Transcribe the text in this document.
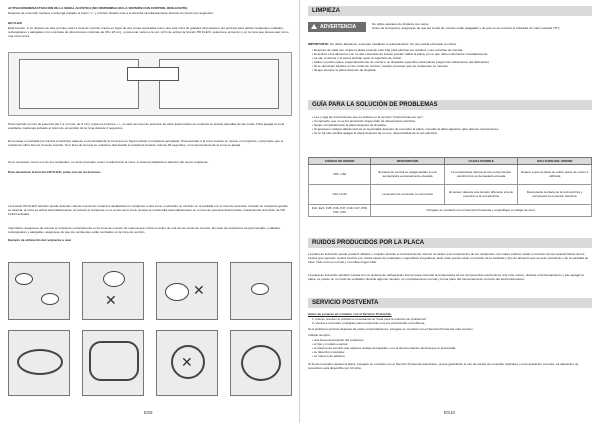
ACTIVACIÓN/DESACTIVACIÓN DE LA SEÑAL ACÚSTICA (NO DISPONIBLE EN LA VERSIÓN CON CONTROL DESLIZANTE)
Después de encender la placa, mantenga pulsado el botón "+" y el botón situado más a la derecha simultáneamente durante al menos tres segundos.
HD FLEXI
Esta función, si se dispone de ella, permite usar la zona de cocción entera en lugar de dos zonas separadas como una sola zona de grandes dimensiones. Es perfecta para utilizar recipientes ovalados, rectangulares y alargados (con una base de dimensiones máximas de 38 x 23 cm), o para usar varios a la vez. Al fin de activar la función HD FLEXI, seleccione al tiempo y en la zona que desea usar como una zona única.
Para cambiar el nivel de potencia (de 1 a un máx. de 9 o P), pulse los botones + / - el valor del nivel de potencia. El valor determinado se mostrará en ambas pantallas de las zonas. Para apagar la zona ampliada, mantenga pulsado el botón de encendido de la zona durante 3 segundos.
El mensaje en pantalla (se ilumina el símbolo) aparece en la pantalla de la zona que no haya recibido el recipiente apropiado. Para acceder a la zona cuando se mueve un recipiente, compruebe que el recipiente cubra bien la zona de cocción. Si el área de la zona se mantiene detectando el recipiente durante más de 30 segundos, el reconocimiento de la zona se apaga.
Si es necesario mover uno de los recipientes, no será necesario volver a seleccionar la zona: el sistema adaptará el detector del nuevo recipiente.
Para desactivar la función HD FLEXI, pulse uno de los botones.
La función HD FLEXI también puede detectar cuando una de las zonas ha desplazado un recipiente a otra zona, mostrando un símbolo en la pantalla con el nivel de potencia. Cuando un recipiente grande se detecta, la zona se activa automáticamente. Al colocar el recipiente en el centro de la zona, la tapa se mantendrá automáticamente en el nivel de potencia determinado, manteniendo la función de HD FLEXI activada.
Importante: asegúrese de colocar el recipiente correctamente en la zona de cocción de manera que cubra el centro de una de las zonas de cocción. En caso de recipientes de gran tamaño, ovalados, rectangulares y alargados, asegúrese de que los recipientes están centrados en la zona de cocción.
Ejemplo de utilización del recipiente a usar
✕
✕
✕
ES9
LIMPIEZA
ADVERTENCIA	No utilice aparatos de limpieza con vapor.
Antes de la limpieza, asegúrese de que las zonas de cocción están apagadas y de que no se muestra el indicador de calor residual ("H").
IMPORTANTE: No utilice abrasivos, esponjas metálicas ni quitamanchas. Su uso podría estropear el cristal.
• Después de cada uso, limpie la placa (cuando esté fría) para eliminar los residuos y las manchas de comida.
• El azúcar o los alimentos con un alto contenido de azúcar pueden dañar la placa, por lo que deben eliminarse inmediatamente.
• La sal, el azúcar y la arena podrían rayar la superficie de cristal.
• Utilice un paño suave, papel absorbente de cocina o un limpiador específico para placas (según las indicaciones del fabricante).
• Si se derraman líquidos en las zonas de cocción, pueden provocar que los recipientes se muevan.
• Seque siempre la placa después de limpiarla.
GUÍA PARA LA SOLUCIÓN DE PROBLEMAS
• Lea y siga las instrucciones que se indican en la sección "Instrucciones de uso".
• Compruebe que no se ha producido ningún fallo de alimentación eléctrica.
• Seque completamente la placa después de limpiarla.
• Si aparecen códigos alfanuméricos en la pantalla después de encender la placa, consulte la tabla siguiente para obtener instrucciones.
• Si no ha sido posible apagar la placa después de su uso, desenchúfela de la red eléctrica.
CÓDIGO DE ERROR	DESCRIPCIÓN	CAUSA POSIBLE	SOLUCIÓN DEL ERROR
C81, C82	El panel de control se apaga debido a una temperatura excesivamente elevada	La temperatura interna de los componentes electrónicos es demasiado elevada	Espere a que la placa se enfríe antes de volver a utilizarla
F42 o F43	La tensión de conexión es incorrecta	El sensor detecta una tensión diferente a la de conexión a la red eléctrica	Desconecte la placa de la red eléctrica y compruebe la conexión eléctrica.
F12, E21, F25, F36, F37, F40, F47, F58, F61, F60	Póngase en contacto con el Servicio Postventa y especifique el código de error.		
RUIDOS PRODUCIDOS POR LA PLACA
La placa de inducción puede producir silbidos o crujidos durante el funcionamiento normal; se deben a la composición de los recipientes, los cuales podrían variar en función de las características de los fondos (por ejemplo, fondos hechos con varias capas de materiales o superficies irregulares). Este ruido puede variar en función de la cantidad y tipo de alimento que se esté cocinando y de la cantidad de ellos. Todo esto es normal y no indica ningún fallo.
La placa de inducción también cuenta con un sistema de refrigeración interno para controlar la temperatura de los componentes electrónicos. Por este motivo, durante el funcionamiento y tras apagar la placa, se puede oír un ruido de ventilador durante algunos minutos; es completamente normal y forma parte del funcionamiento correcto del electrodoméstico.
SERVICIO POSTVENTA
Antes de ponerse en contacto con el Servicio Postventa:
1. Intente resolver el problema consultando la "Guía para la solución de problemas".
2. Vuelva a encender el aparato para comprobar si se ha solucionado el problema.
Si el problema persiste después de estas comprobaciones, póngase en contacto con el Servicio Postventa más cercano.
Indique siempre:
• una breve descripción del problema;
• el tipo y modelo exactos;
• el número de servicio que aparece debajo del aparato o en la documentación técnica que lo acompaña;
• su dirección completa;
• su número de teléfono.
Si fuera necesario reparar la placa, póngase en contacto con el Servicio Postventa autorizado, ya que garantizan el uso de piezas de recambio originales y una reparación correcta. La aplicación de recambios está disponible por 10 años.
ES10
